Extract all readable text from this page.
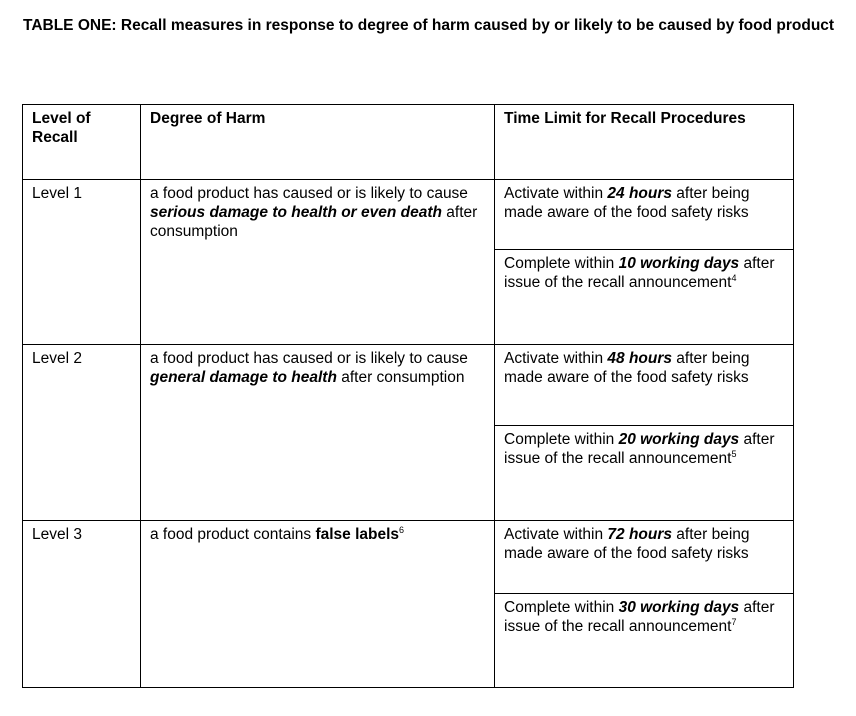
TABLE ONE: Recall measures in response to degree of harm caused by or likely to be caused by food product
Level of Recall	Degree of Harm	Time Limit for Recall Procedures
Level 1	a food product has caused or is likely to cause serious damage to health or even death after consumption	Activate within 24 hours after being made aware of the food safety risks
		Complete within 10 working days after issue of the recall announcement$^4$
Level 2	a food product has caused or is likely to cause general damage to health after consumption	Activate within 48 hours after being made aware of the food safety risks
		Complete within 20 working days after issue of the recall announcement$^5$
Level 3	a food product contains false labels$^6$	Activate within 72 hours after being made aware of the food safety risks
		Complete within 30 working days after issue of the recall announcement$^7$
